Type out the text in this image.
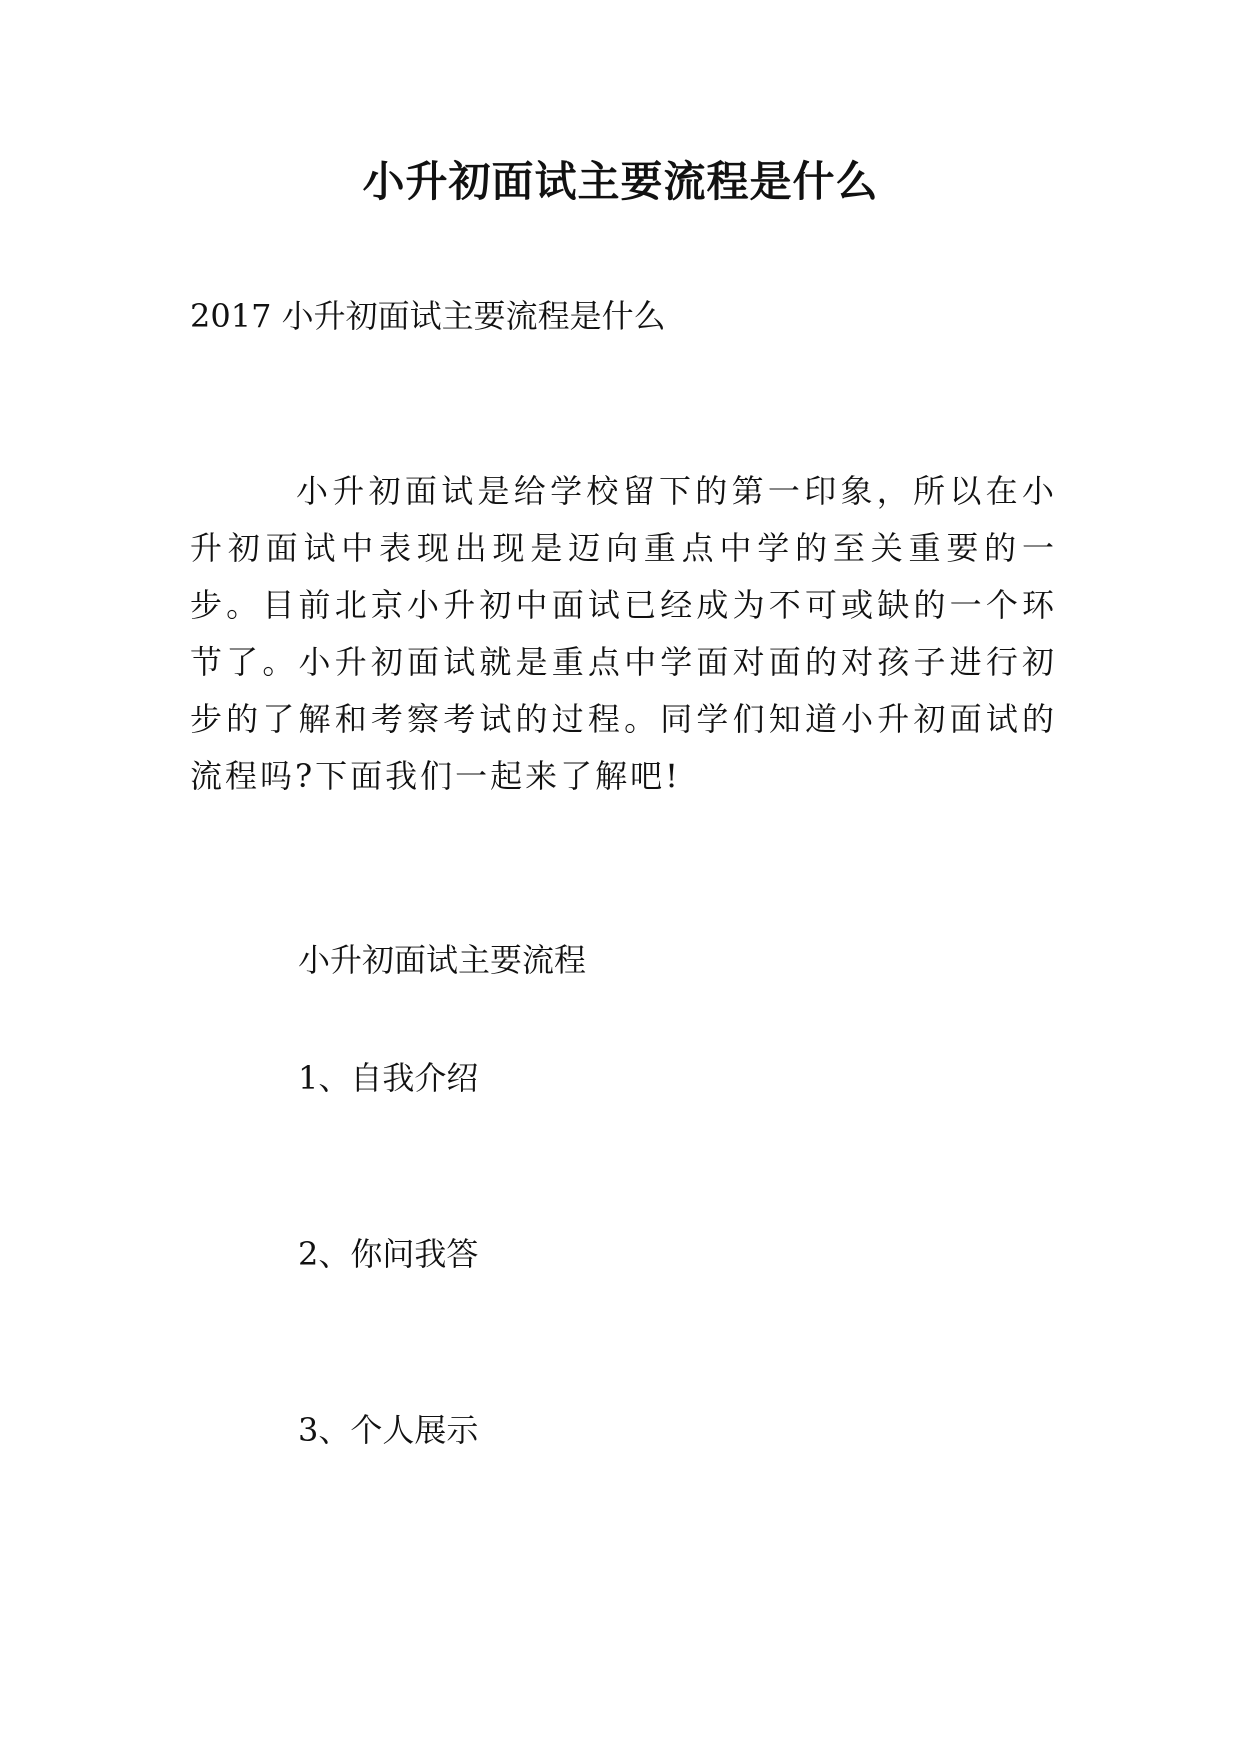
小升初面试主要流程是什么

2017 小升初面试主要流程是什么

小升初面试是给学校留下的第一印象，所以在小升初面试中表现出现是迈向重点中学的至关重要的一步。目前北京小升初中面试已经成为不可或缺的一个环节了。小升初面试就是重点中学面对面的对孩子进行初步的了解和考察考试的过程。同学们知道小升初面试的流程吗?下面我们一起来了解吧!

小升初面试主要流程

1、自我介绍

2、你问我答

3、个人展示
